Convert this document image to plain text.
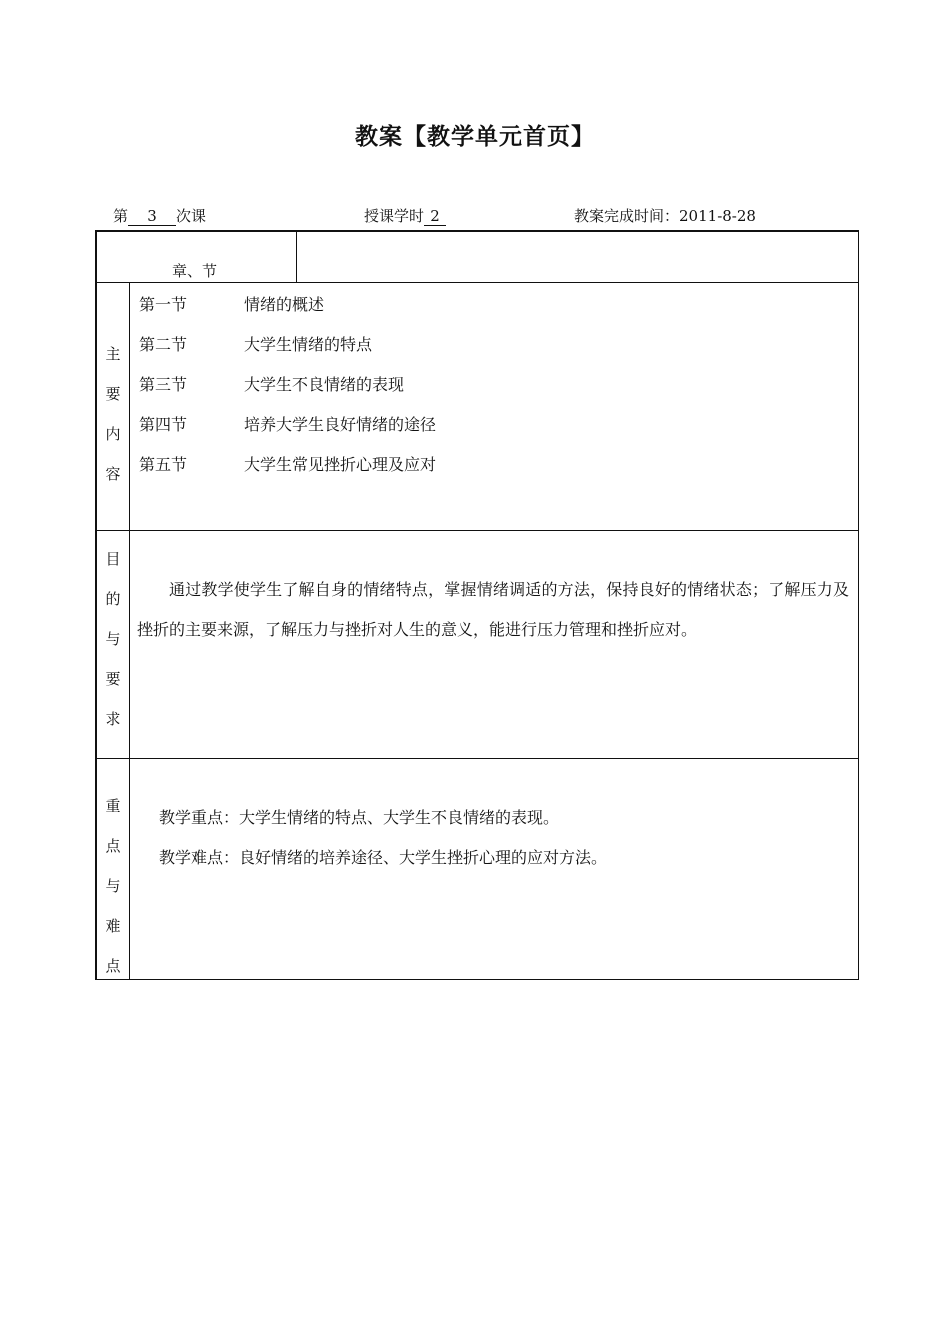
教案【教学单元首页】
第 3 次课	授课学时 2	教案完成时间：2011-8-28
章、节
主
要
内
容
第一节	情绪的概述
第二节	大学生情绪的特点
第三节	大学生不良情绪的表现
第四节	培养大学生良好情绪的途径
第五节	大学生常见挫折心理及应对
目
的
与
要
求
通过教学使学生了解自身的情绪特点，掌握情绪调适的方法，保持良好的情绪状态；了解压力及挫折的主要来源，了解压力与挫折对人生的意义，能进行压力管理和挫折应对。
重
点
与
难
点
教学重点：大学生情绪的特点、大学生不良情绪的表现。
教学难点：良好情绪的培养途径、大学生挫折心理的应对方法。
